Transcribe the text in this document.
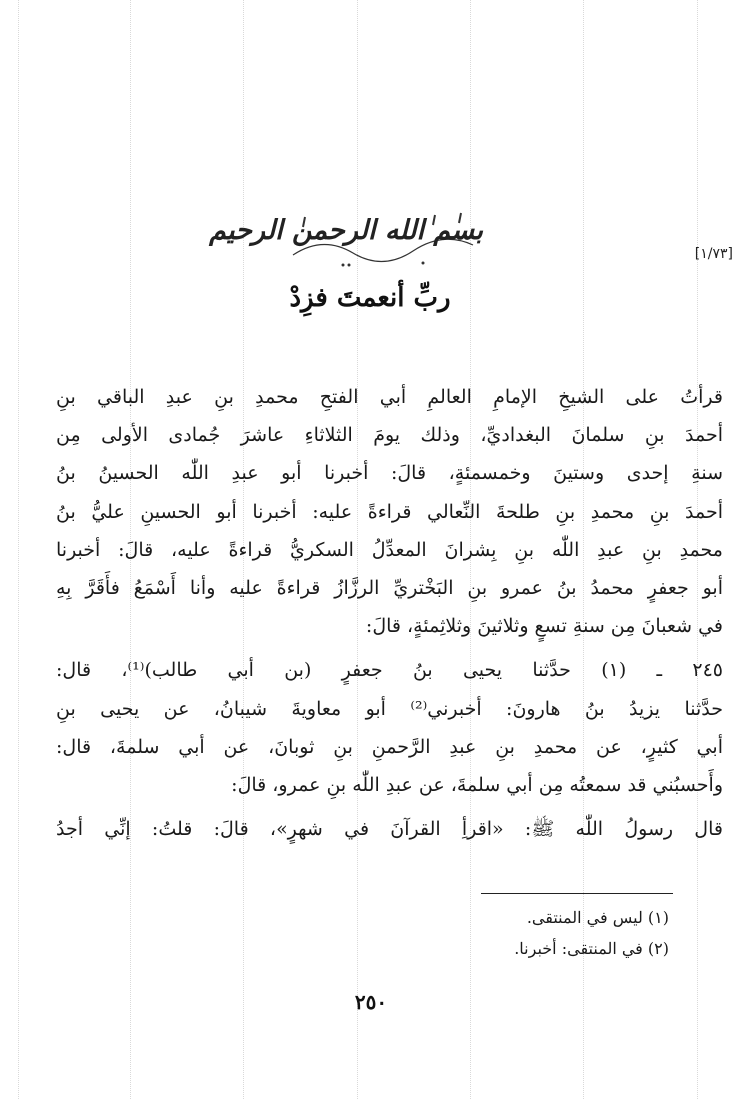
بسم الله الرحمن الرحيم
[١/٧٣]
ربِّ أنعمتَ فزِدْ
قرأتُ على الشيخِ الإمامِ العالمِ أبي الفتحِ محمدِ بنِ عبدِ الباقي بنِ
أحمدَ بنِ سلمانَ البغداديِّ، وذلك يومَ الثلاثاءِ عاشرَ جُمادى الأولى مِن
سنةِ إحدى وستينَ وخمسمئةٍ، قالَ: أخبرنا أبو عبدِ اللّٰه الحسينُ بنُ
أحمدَ بنِ محمدِ بنِ طلحةَ النِّعالي قراءةً عليه: أخبرنا أبو الحسينِ عليُّ بنُ
محمدِ بنِ عبدِ اللّٰه بنِ بِشرانَ المعدِّلُ السكريُّ قراءةً عليه، قالَ: أخبرنا
أبو جعفرٍ محمدُ بنُ عمرو بنِ البَخْتريِّ الرزَّازُ قراءةً عليه وأنا أَسْمَعُ فأَقَرَّ بِهِ
في شعبانَ مِن سنةِ تسعٍ وثلاثينَ وثلاثِمئةٍ، قالَ:
٢٤٥ ـ (١) حدَّثنا يحيى بنُ جعفرٍ (بن أبي طالب)⁽¹⁾، قال:
حدَّثنا يزيدُ بنُ هارونَ: أخبرني⁽²⁾ أبو معاويةَ شيبانُ، عن يحيى بنِ
أبي كثيرٍ، عن محمدِ بنِ عبدِ الرَّحمنِ بنِ ثوبانَ، عن أبي سلمةَ، قال:
وأَحسبُني قد سمعتُه مِن أبي سلمةَ، عن عبدِ اللّٰه بنِ عمرو، قالَ:
قال رسولُ اللّٰه ﷺ: «اقرأِ القرآنَ في شهرٍ»، قالَ: قلتُ: إنِّي أجدُ
(١) ليس في المنتقى.
(٢) في المنتقى: أخبرنا.
٢٥٠
